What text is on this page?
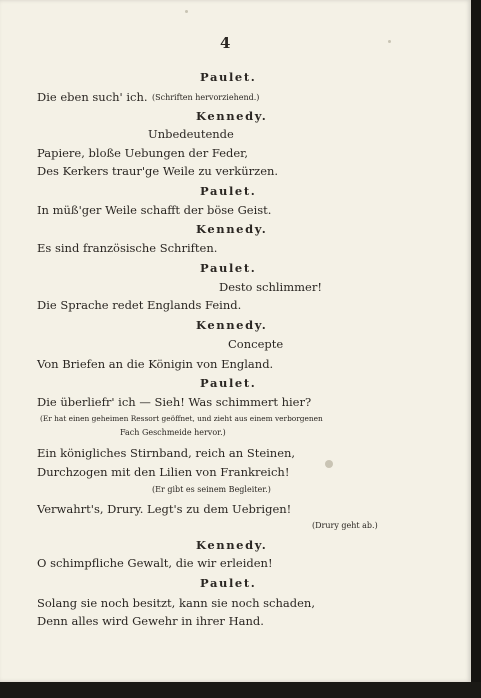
4
Paulet.
Die eben such' ich. (Schriften hervorziehend.)
Kennedy.
Unbedeutende
Papiere, bloße Uebungen der Feder,
Des Kerkers traur'ge Weile zu verkürzen.
Paulet.
In müß'ger Weile schafft der böse Geist.
Kennedy.
Es sind französische Schriften.
Paulet.
Desto schlimmer!
Die Sprache redet Englands Feind.
Kennedy.
Concepte
Von Briefen an die Königin von England.
Paulet.
Die überliefr' ich — Sieh! Was schimmert hier?
(Er hat einen geheimen Ressort geöffnet, und zieht aus einem verborgenen
Fach Geschmeide hervor.)
Ein königliches Stirnband, reich an Steinen,
Durchzogen mit den Lilien von Frankreich!
(Er gibt es seinem Begleiter.)
Verwahrt's, Drury. Legt's zu dem Uebrigen!
(Drury geht ab.)
Kennedy.
O schimpfliche Gewalt, die wir erleiden!
Paulet.
Solang sie noch besitzt, kann sie noch schaden,
Denn alles wird Gewehr in ihrer Hand.
